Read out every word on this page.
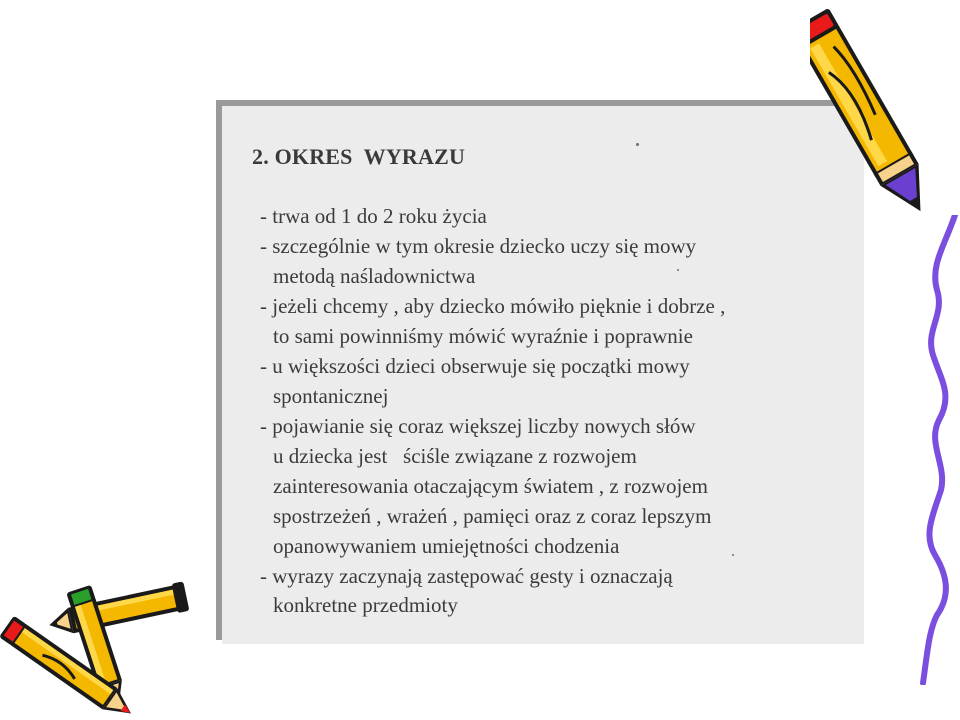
2. OKRES  WYRAZU
- trwa od 1 do 2 roku życia
- szczególnie w tym okresie dziecko uczy się mowy
metodą naśladownictwa
- jeżeli chcemy , aby dziecko mówiło pięknie i dobrze ,
to sami powinniśmy mówić wyraźnie i poprawnie
- u większości dzieci obserwuje się początki mowy
spontanicznej
- pojawianie się coraz większej liczby nowych słów
u dziecka jest   ściśle związane z rozwojem
zainteresowania otaczającym światem , z rozwojem
spostrzeżeń , wrażeń , pamięci oraz z coraz lepszym
opanowywaniem umiejętności chodzenia
- wyrazy zaczynają zastępować gesty i oznaczają
konkretne przedmioty
